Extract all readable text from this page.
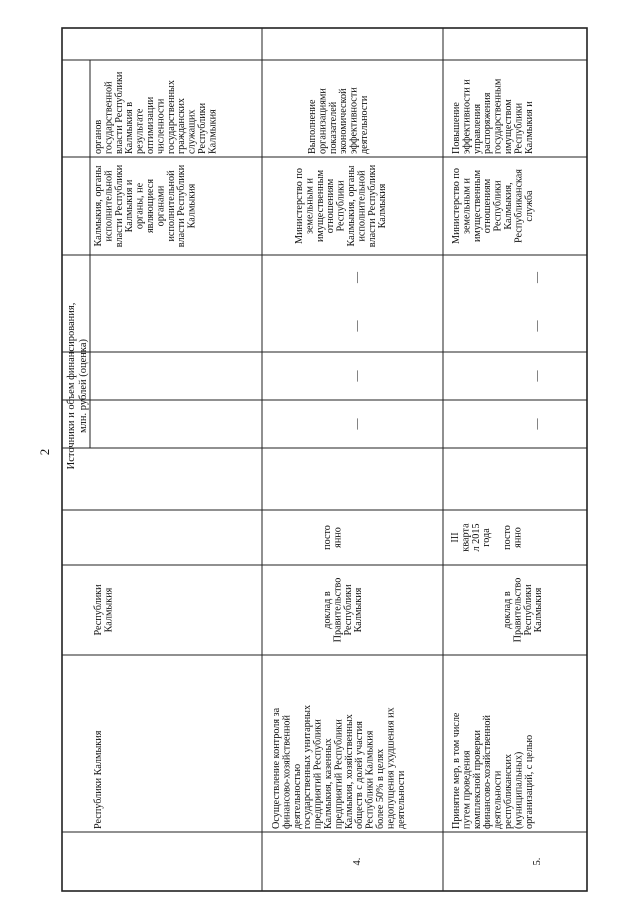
2 Источники и объем финансирования, млн. рублей (оценка)
Республики Калмыкия
Республики Калмыкия
Калмыкия, органы исполнительной власти Республики Калмыкия и органы, не являющиеся органами исполнительной власти Республики Калмыкия
органов государственной власти Республики Калмыкия в результате оптимизации численности государственных гражданских служащих Республики Калмыкия
4.
Осуществление контроля за финансово-хозяйственной деятельностью государственных унитарных предприятий Республики Калмыкия, казенных предприятий Республики Калмыкия, хозяйственных обществ с долей участия Республики Калмыкия более 50% в целях недопущения ухудшения их деятельности
доклад в Правительство Республики Калмыкия
посто янно
Министерство по земельным и имущественным отношениям Республики Калмыкия, органы исполнительной власти Республики Калмыкия
Выполнение организациями показателей экономической эффективности деятельности
—
—
—
—
5.
Принятие мер, в том числе путем проведения комплексной проверки финансово-хозяйственной деятельности республиканских (муниципальных) организаций, с целью
доклад в Правительство Республики Калмыкия
III кварта л 2015 года посто янно
Министерство по земельным и имущественным отношениям Республики Калмыкия, Республиканская служба
Повышение эффективности и управления распоряжения государственным имуществом Республики Калмыкия и
—
—
—
—
